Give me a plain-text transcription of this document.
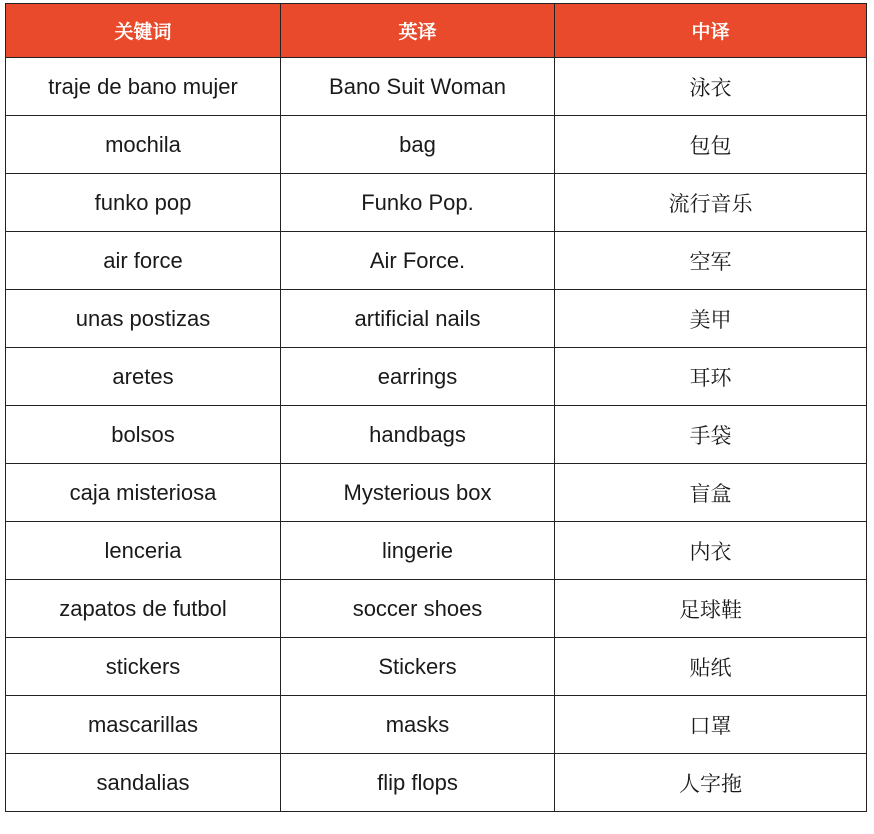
关键词	英译	中译
traje de bano mujer	Bano Suit Woman	泳衣
mochila	bag	包包
funko pop	Funko Pop.	流行音乐
air force	Air Force.	空军
unas postizas	artificial nails	美甲
aretes	earrings	耳环
bolsos	handbags	手袋
caja misteriosa	Mysterious box	盲盒
lenceria	lingerie	内衣
zapatos de futbol	soccer shoes	足球鞋
stickers	Stickers	贴纸
mascarillas	masks	口罩
sandalias	flip flops	人字拖
